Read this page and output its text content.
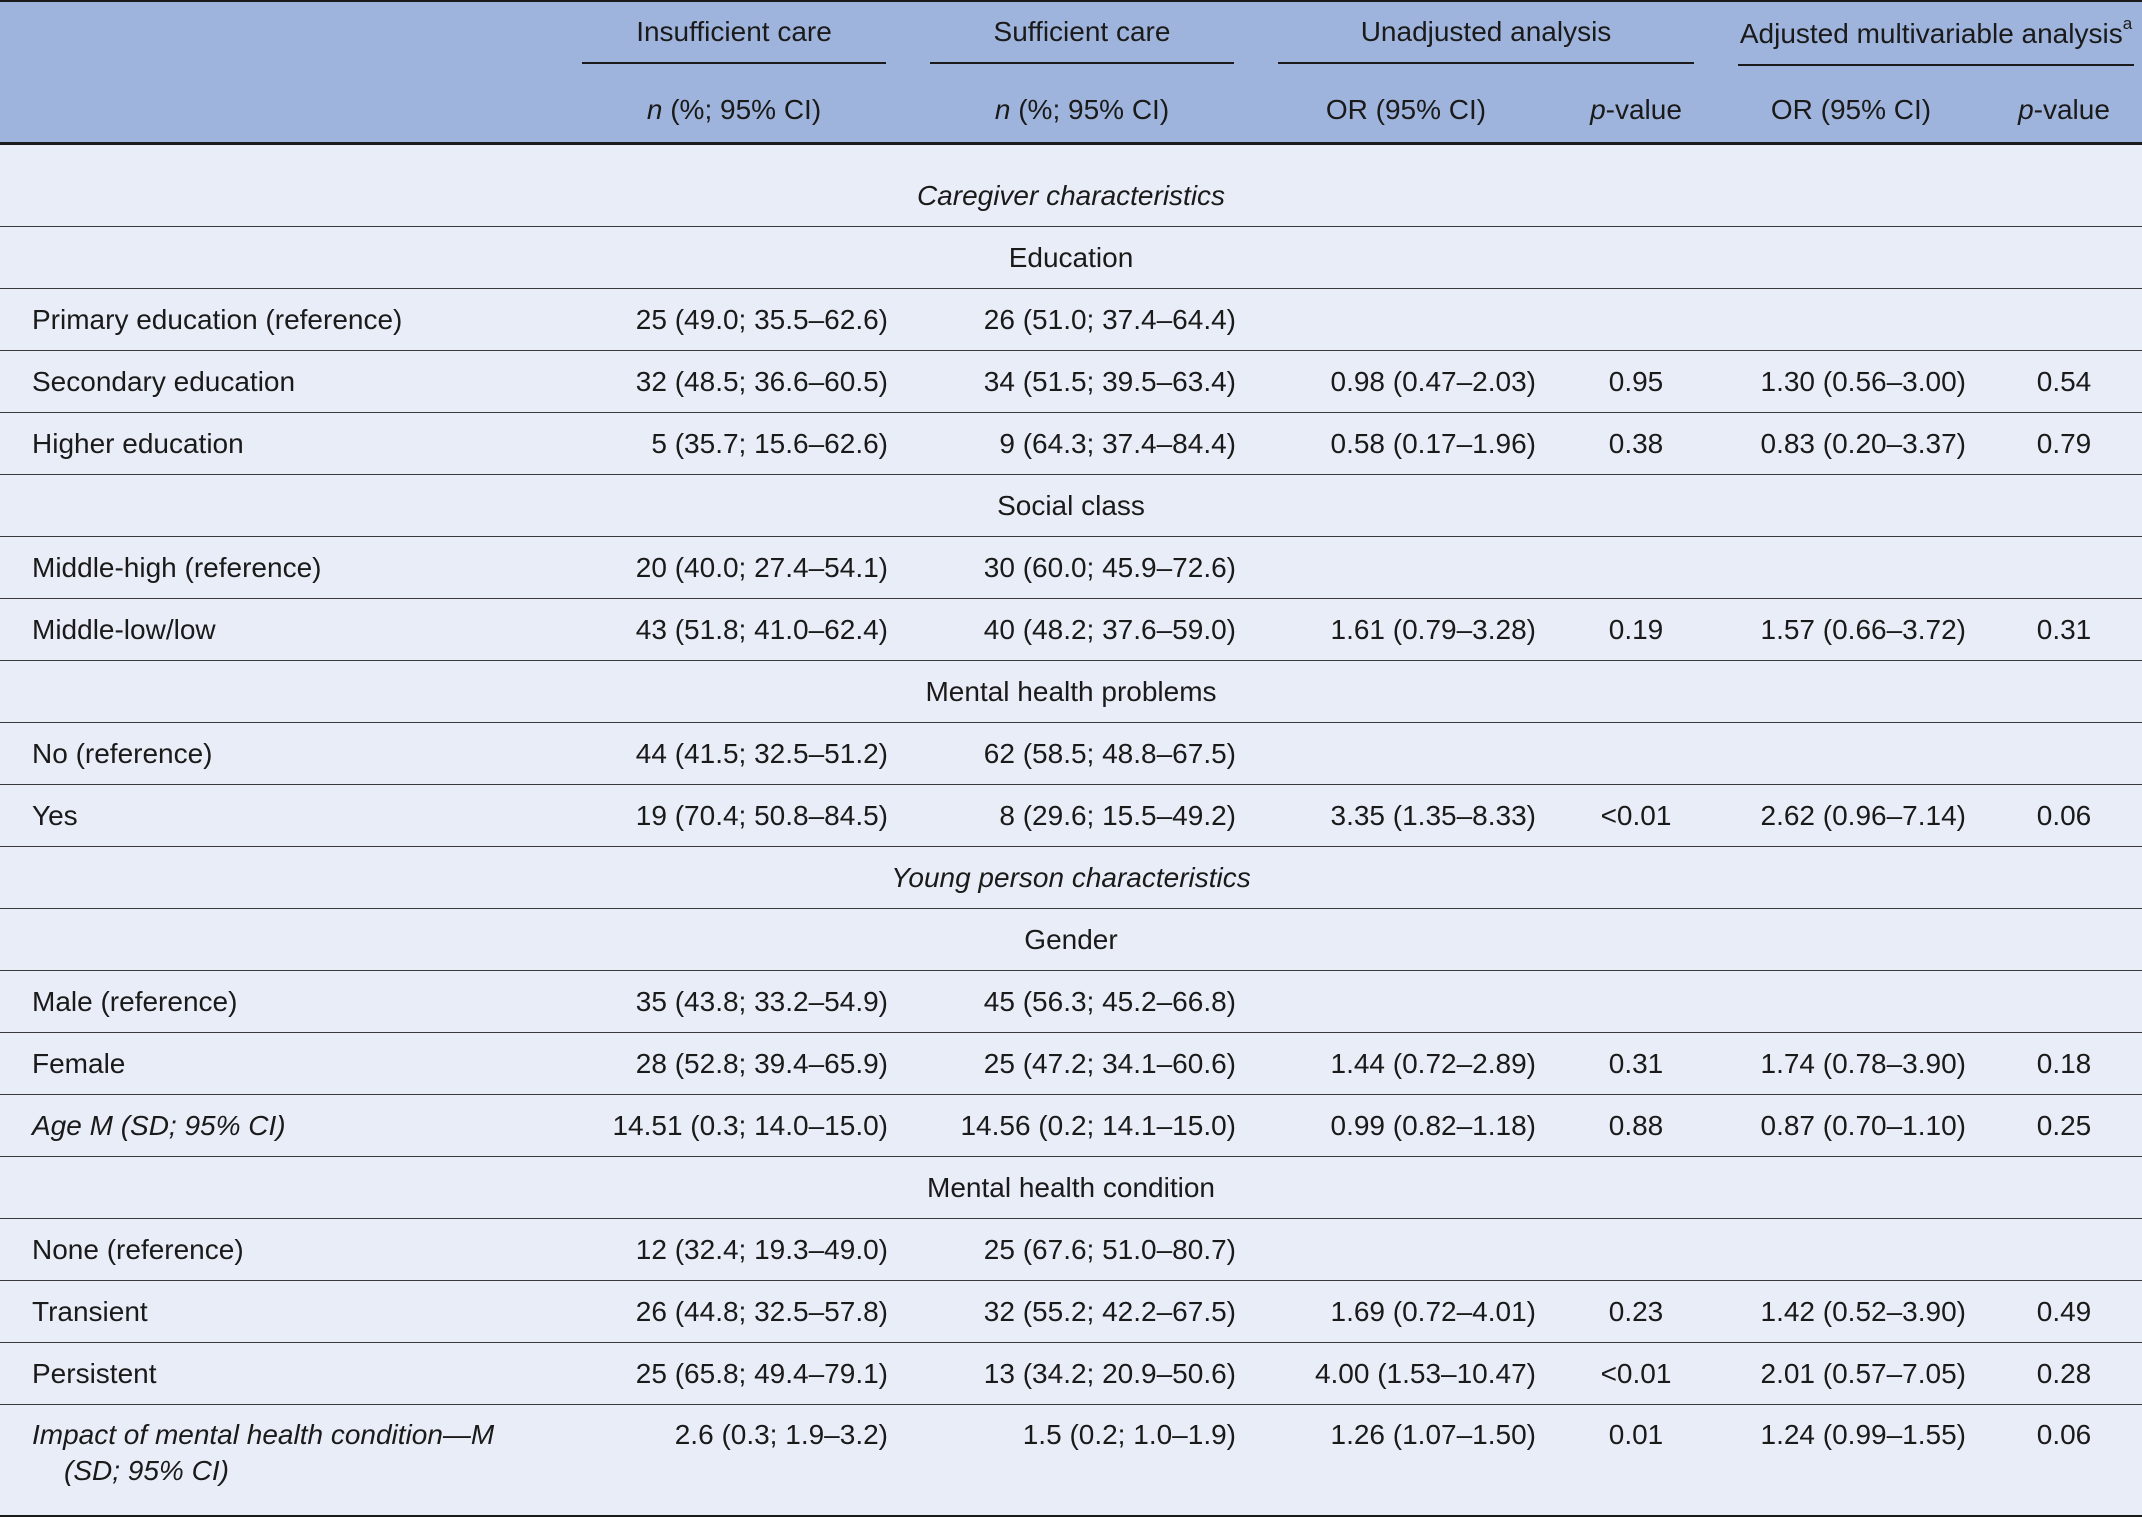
	Insufficient care	Sufficient care	Unadjusted analysis		Adjusted multivariable analysis$^a$

	n (%; 95% CI)	n (%; 95% CI)	OR (95% CI)	p-value	OR (95% CI)	p-value

Caregiver characteristics						
Education						
Primary education (reference)	25 (49.0; 35.5–62.6)	26 (51.0; 37.4–64.4)				
Secondary education	32 (48.5; 36.6–60.5)	34 (51.5; 39.5–63.4)	0.98 (0.47–2.03)	0.95	1.30 (0.56–3.00)	0.54
Higher education	5 (35.7; 15.6–62.6)	9 (64.3; 37.4–84.4)	0.58 (0.17–1.96)	0.38	0.83 (0.20–3.37)	0.79
Social class						
Middle-high (reference)	20 (40.0; 27.4–54.1)	30 (60.0; 45.9–72.6)				
Middle-low/low	43 (51.8; 41.0–62.4)	40 (48.2; 37.6–59.0)	1.61 (0.79–3.28)	0.19	1.57 (0.66–3.72)	0.31
Mental health problems						
No (reference)	44 (41.5; 32.5–51.2)	62 (58.5; 48.8–67.5)				
Yes	19 (70.4; 50.8–84.5)	8 (29.6; 15.5–49.2)	3.35 (1.35–8.33)	<0.01	2.62 (0.96–7.14)	0.06
Young person characteristics						
Gender						
Male (reference)	35 (43.8; 33.2–54.9)	45 (56.3; 45.2–66.8)				
Female	28 (52.8; 39.4–65.9)	25 (47.2; 34.1–60.6)	1.44 (0.72–2.89)	0.31	1.74 (0.78–3.90)	0.18
Age M (SD; 95% CI)	14.51 (0.3; 14.0–15.0)	14.56 (0.2; 14.1–15.0)	0.99 (0.82–1.18)	0.88	0.87 (0.70–1.10)	0.25
Mental health condition						
None (reference)	12 (32.4; 19.3–49.0)	25 (67.6; 51.0–80.7)				
Transient	26 (44.8; 32.5–57.8)	32 (55.2; 42.2–67.5)	1.69 (0.72–4.01)	0.23	1.42 (0.52–3.90)	0.49
Persistent	25 (65.8; 49.4–79.1)	13 (34.2; 20.9–50.6)	4.00 (1.53–10.47)	<0.01	2.01 (0.57–7.05)	0.28
Impact of mental health condition—M
(SD; 95% CI)	2.6 (0.3; 1.9–3.2)	1.5 (0.2; 1.0–1.9)	1.26 (1.07–1.50)	0.01	1.24 (0.99–1.55)	0.06
